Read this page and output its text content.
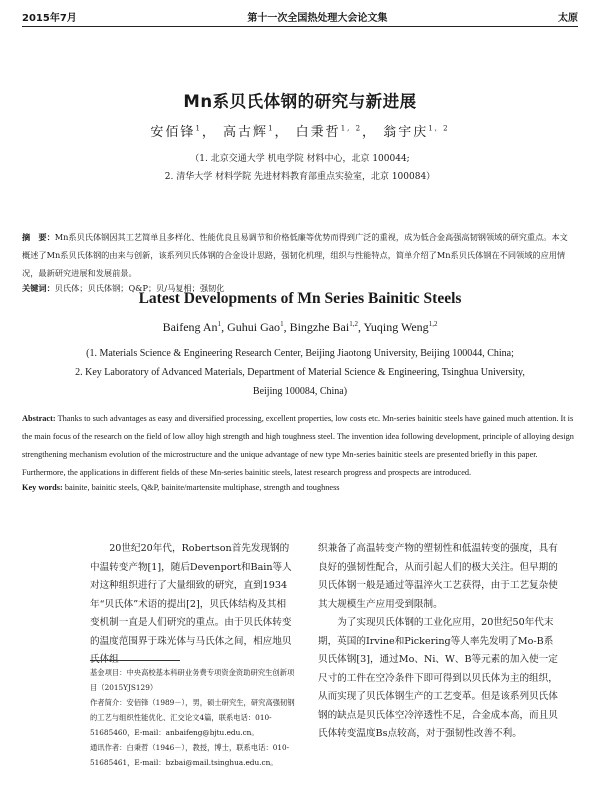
2015年7月	第十一次全国热处理大会论文集	太原
Mn系贝氏体钢的研究与新进展
安佰锋$^1$， 高古辉$^1$， 白秉哲$^{1, 2}$， 翁宇庆$^{1, 2}$
（1. 北京交通大学 机电学院 材料中心，北京 100044;
2. 清华大学 材料学院 先进材料教育部重点实验室，北京 100084）
摘　要：Mn系贝氏体钢因其工艺简单且多样化、性能优良且易调节和价格低廉等优势而得到广泛的重视，成为低合金高强高韧钢领域的研究重点。本文概述了Mn系贝氏体钢的由来与创新，该系列贝氏体钢的合金设计思路，强韧化机理，组织与性能特点，简单介绍了Mn系贝氏体钢在不同领域的应用情况，最新研究进展和发展前景。
关键词：贝氏体；贝氏体钢；Q&P；贝/马复相；强韧化
Latest Developments of Mn Series Bainitic Steels
Baifeng An$^1$, Guhui Gao$^1$, Bingzhe Bai$^{1,2}$, Yuqing Weng$^{1,2}$
(1. Materials Science & Engineering Research Center, Beijing Jiaotong University, Beijing 100044, China;
2. Key Laboratory of Advanced Materials, Department of Material Science & Engineering, Tsinghua University,
Beijing 100084, China)
Abstract: Thanks to such advantages as easy and diversified processing, excellent properties, low costs etc. Mn-series bainitic steels have gained much attention. It is the main focus of the research on the field of low alloy high strength and high toughness steel. The invention idea following development, principle of alloying design strengthening mechanism evolution of the microstructure and the unique advantage of new type Mn-series bainitic steels are presented briefly in this paper. Furthermore, the applications in different fields of these Mn-series bainitic steels, latest research progress and prospects are introduced.
Key words: bainite, bainitic steels, Q&P, bainite/martensite multiphase, strength and toughness

20世纪20年代，Robertson首先发现钢的中温转变产物[1]，随后Devenport和Bain等人对这种组织进行了大量细致的研究，直到1934年“贝氏体”术语的提出[2]，贝氏体结构及其相变机制一直是人们研究的重点。由于贝氏体转变的温度范围界于珠光体与马氏体之间，相应地贝氏体组

织兼备了高温转变产物的塑韧性和低温转变的强度，具有良好的强韧性配合，从而引起人们的极大关注。但早期的贝氏体钢一般是通过等温淬火工艺获得，由于工艺复杂使其大规模生产应用受到限制。

为了实现贝氏体钢的工业化应用，20世纪50年代末期，英国的Irvine和Pickering等人率先发明了Mo-B系贝氏体钢[3]，通过Mo、Ni、W、B等元素的加入使一定尺寸的工件在空冷条件下即可得到以贝氏体为主的组织，从而实现了贝氏体钢生产的工艺变革。但是该系列贝氏体钢的缺点是贝氏体空冷淬透性不足，合金成本高，而且贝氏体转变温度Bs点较高，对于强韧性改善不利。

基金项目：中央高校基本科研业务费专项资金资助研究生创新项目（2015YJS129）
作者简介：安佰锋（1989－），男，硕士研究生，研究高强韧钢的工艺与组织性能优化、汇交论文4篇，联系电话：010-51685460，E-mail：anbaifeng@bjtu.edu.cn。
通讯作者：白秉哲（1946－），教授，博士，联系电话：010-51685461，E-mail：bzbai@mail.tsinghua.edu.cn。
